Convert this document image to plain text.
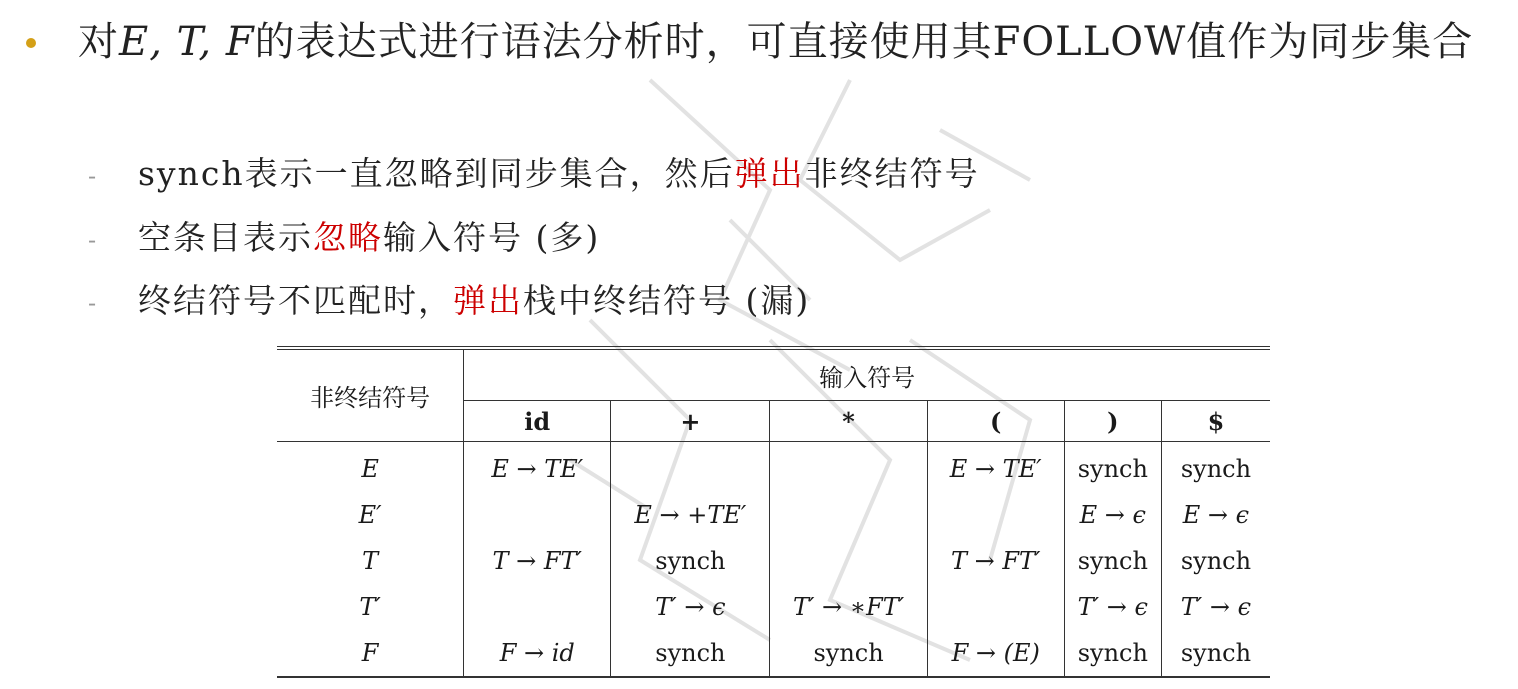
对E, T, F的表达式进行语法分析时，可直接使用其FOLLOW值作为同步集合
- synch表示一直忽略到同步集合，然后弹出非终结符号
- 空条目表示忽略输入符号 (多)
- 终结符号不匹配时，弹出栈中终结符号 (漏)
非终结符号	输入符号					
	id	+	*	(	)	$
E	E → TE′			E → TE′	synch	synch
E′		E → +TE′			E → ϵ	E → ϵ
T	T → FT′	synch		T → FT′	synch	synch
T′		T′ → ϵ	T′ → ∗FT′		T′ → ϵ	T′ → ϵ
F	F → id	synch	synch	F → (E)	synch	synch
